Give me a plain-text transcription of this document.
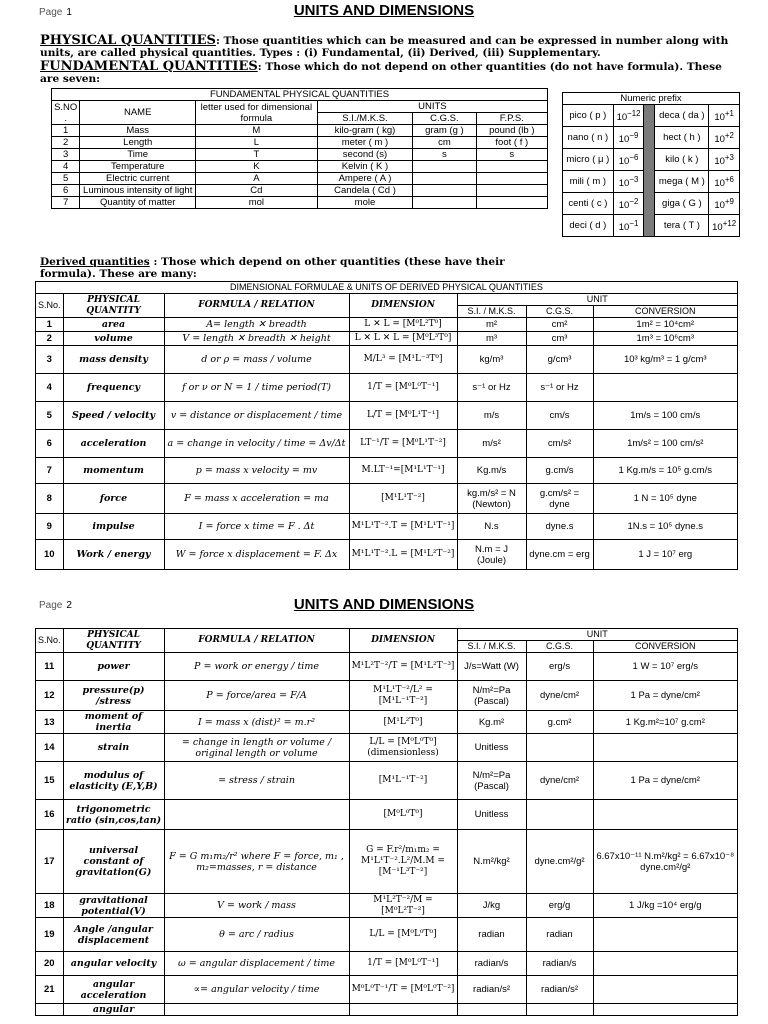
Page 1	UNITS AND DIMENSIONS
PHYSICAL QUANTITIES: Those quantities which can be measured and can be expressed in number along with units, are called physical quantities. Types : (i) Fundamental, (ii) Derived, (iii) Supplementary.
FUNDAMENTAL QUANTITIES: Those which do not depend on other quantities (do not have formula). These are seven:
FUNDAMENTAL PHYSICAL QUANTITIES					
S.NO .	NAME	letter used for dimensional formula	UNITS		
			S.I./M.K.S.	C.G.S.	F.P.S.
1	Mass	M	kilo-gram ( kg)	gram (g )	pound (lb )
2	Length	L	meter ( m )	cm	foot ( f )
3	Time	T	second (s)	s	s
4	Temperature	K	Kelvin ( K )		
5	Electric current	A	Ampere ( A )		
6	Luminous intensity of light	Cd	Candela ( Cd )		
7	Quantity of matter	mol	mole		
Numeric prefix				
pico ( p )	$10^{-12}$		deca ( da )	$10^{+1}$
nano ( n )	$10^{-9}$		hect ( h )	$10^{+2}$
micro ( μ )	$10^{-6}$		kilo ( k )	$10^{+3}$
mili ( m )	$10^{-3}$		mega ( M )	$10^{+6}$
centi ( c )	$10^{-2}$		giga ( G )	$10^{+9}$
deci ( d )	$10^{-1}$		tera ( T )	$10^{+12}$
Derived quantities : Those which depend on other quantities (these have their formula). These are many:
DIMENSIONAL FORMULAE & UNITS OF DERIVED PHYSICAL QUANTITIES						
S.No.	PHYSICAL QUANTITY	FORMULA / RELATION	DIMENSION	UNIT		
				S.I. / M.K.S.	C.G.S.	CONVERSION
1	area	A= length ✕ breadth	L ✕ L = [M⁰L²T⁰]	m²	cm²	1m² = 10⁴cm²
2	volume	V = length ✕ breadth ✕ height	L ✕ L ✕ L = [M⁰L³T⁰]	m³	cm³	1m³ = 10⁶cm³
3	mass density	d or ρ = mass / volume	M/L³ = [M¹L⁻³T⁰]	kg/m³	g/cm³	10³ kg/m³ = 1 g/cm³
4	frequency	f or ν or N = 1 / time period(T)	1/T = [M⁰L⁰T⁻¹]	s⁻¹ or Hz	s⁻¹ or Hz	
5	Speed / velocity	v = distance or displacement / time	L/T = [M⁰L¹T⁻¹]	m/s	cm/s	1m/s = 100 cm/s
6	acceleration	a = change in velocity / time = Δv/Δt	LT⁻¹/T = [M⁰L¹T⁻²]	m/s²	cm/s²	1m/s² = 100 cm/s²
7	momentum	p = mass x velocity = mv	M.LT⁻¹=[M¹L¹T⁻¹]	Kg.m/s	g.cm/s	1 Kg.m/s = 10⁵ g.cm/s
8	force	F = mass x acceleration = ma	[M¹L¹T⁻²]	kg.m/s² = N (Newton)	g.cm/s² = dyne	1 N = 10⁵ dyne
9	impulse	I = force x time = F . Δt	M¹L¹T⁻².T = [M¹L¹T⁻¹]	N.s	dyne.s	1N.s = 10⁵ dyne.s
10	Work / energy	W = force x displacement = F. Δx	M¹L¹T⁻².L = [M¹L²T⁻²]	N.m = J (Joule)	dyne.cm = erg	1 J = 10⁷ erg
Page 2	UNITS AND DIMENSIONS
S.No.	PHYSICAL QUANTITY	FORMULA / RELATION	DIMENSION	UNIT		
				S.I. / M.K.S.	C.G.S.	CONVERSION
11	power	P = work or energy / time	M¹L²T⁻²/T = [M¹L²T⁻³]	J/s=Watt (W)	erg/s	1 W = 10⁷ erg/s
12	pressure(p) /stress	P = force/area = F/A	M¹L¹T⁻²/L² = [M¹L⁻¹T⁻²]	N/m²=Pa (Pascal)	dyne/cm²	1 Pa = dyne/cm²
13	moment of inertia	I = mass x (dist)² = m.r²	[M¹L²T⁰]	Kg.m²	g.cm²	1 Kg.m²=10⁷ g.cm²
14	strain	= change in length or volume / original length or volume	L/L = [M⁰L⁰T⁰] (dimensionless)	Unitless		
15	modulus of elasticity (E,Y,B)	= stress / strain	[M¹L⁻¹T⁻²]	N/m²=Pa (Pascal)	dyne/cm²	1 Pa = dyne/cm²
16	trigonometric ratio (sin,cos,tan)		[M⁰L⁰T⁰]	Unitless		
17	universal constant of gravitation(G)	F = G m₁m₂/r² where F = force, m₁ , m₂=masses, r = distance	G = F.r²/m₁m₂ = M¹L¹T⁻².L²/M.M = [M⁻¹L³T⁻²]	N.m²/kg²	dyne.cm²/g²	6.67x10⁻¹¹ N.m²/kg² = 6.67x10⁻⁸ dyne.cm²/g²
18	gravitational potential(V)	V = work / mass	M¹L²T⁻²/M = [M⁰L²T⁻²]	J/kg	erg/g	1 J/kg =10⁴ erg/g
19	Angle /angular displacement	θ = arc / radius	L/L = [M⁰L⁰T⁰]	radian	radian	
20	angular velocity	ω = angular displacement / time	1/T = [M⁰L⁰T⁻¹]	radian/s	radian/s	
21	angular acceleration	∝= angular velocity / time	M⁰L⁰T⁻¹/T = [M⁰L⁰T⁻²]	radian/s²	radian/s²	
	angular					
